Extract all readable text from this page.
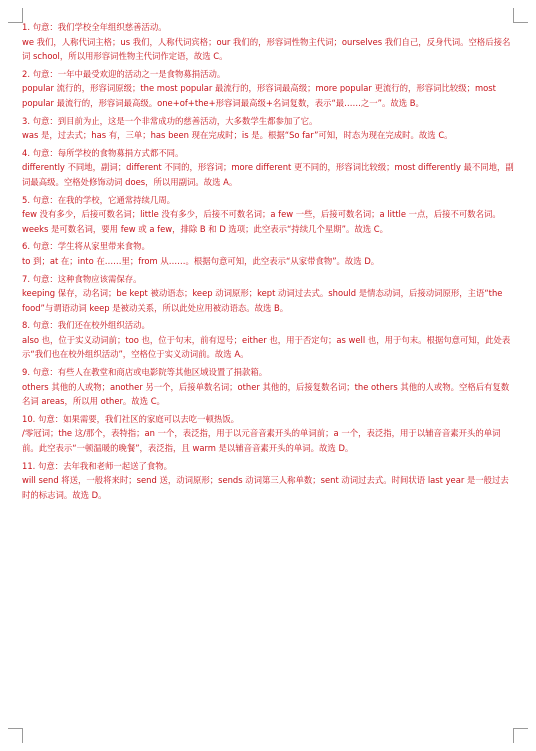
1. 句意：我们学校全年组织慈善活动。
we 我们，人称代词主格；us 我们，人称代词宾格；our 我们的，形容词性物主代词；ourselves 我们自己，反身代词。空格后接名词 school，所以用形容词性物主代词作定语，故选 C。
2. 句意：一年中最受欢迎的活动之一是食物募捐活动。
popular 流行的，形容词原级；the most popular 最流行的，形容词最高级；more popular 更流行的，形容词比较级；most popular 最流行的，形容词最高级。one+of+the+形容词最高级+名词复数，表示“最……之一”。故选 B。
3. 句意：到目前为止，这是一个非常成功的慈善活动，大多数学生都参加了它。
was 是，过去式；has 有，三单；has been 现在完成时；is 是。根据“So far”可知，时态为现在完成时。故选 C。
4. 句意：每所学校的食物募捐方式都不同。
differently 不同地，副词；different 不同的，形容词；more different 更不同的，形容词比较级；most differently 最不同地，副词最高级。空格处修饰动词 does，所以用副词。故选 A。
5. 句意：在我的学校，它通常持续几周。
few 没有多少，后接可数名词；little 没有多少，后接不可数名词；a few 一些，后接可数名词；a little 一点，后接不可数名词。weeks 是可数名词，要用 few 或 a few，排除 B 和 D 选项；此空表示“持续几个星期”。故选 C。
6. 句意：学生将从家里带来食物。
to 到；at 在；into 在……里；from 从……。根据句意可知，此空表示“从家带食物”。故选 D。
7. 句意：这种食物应该需保存。
keeping 保存，动名词；be kept 被动语态；keep 动词原形；kept 动词过去式。should 是情态动词，后接动词原形，主语“the food”与谓语动词 keep 是被动关系，所以此处应用被动语态。故选 B。
8. 句意：我们还在校外组织活动。
also 也，位于实义动词前；too 也，位于句末，前有逗号；either 也，用于否定句；as well 也，用于句末。根据句意可知，此处表示“我们也在校外组织活动”，空格位于实义动词前。故选 A。
9. 句意：有些人在教堂和商店或电影院等其他区域设置了捐款箱。
others 其他的人或物；another 另一个，后接单数名词；other 其他的，后接复数名词；the others 其他的人或物。空格后有复数名词 areas，所以用 other。故选 C。
10. 句意：如果需要，我们社区的家庭可以去吃一顿热饭。
/零冠词；the 这/那个，表特指；an 一个，表泛指，用于以元音音素开头的单词前；a 一个，表泛指，用于以辅音音素开头的单词前。此空表示“一顿温暖的晚餐”，表泛指，且 warm 是以辅音音素开头的单词。故选 D。
11. 句意：去年我和老师一起送了食物。
will send 将送，一般将来时；send 送，动词原形；sends 动词第三人称单数；sent 动词过去式。时间状语 last year 是一般过去时的标志词。故选 D。
